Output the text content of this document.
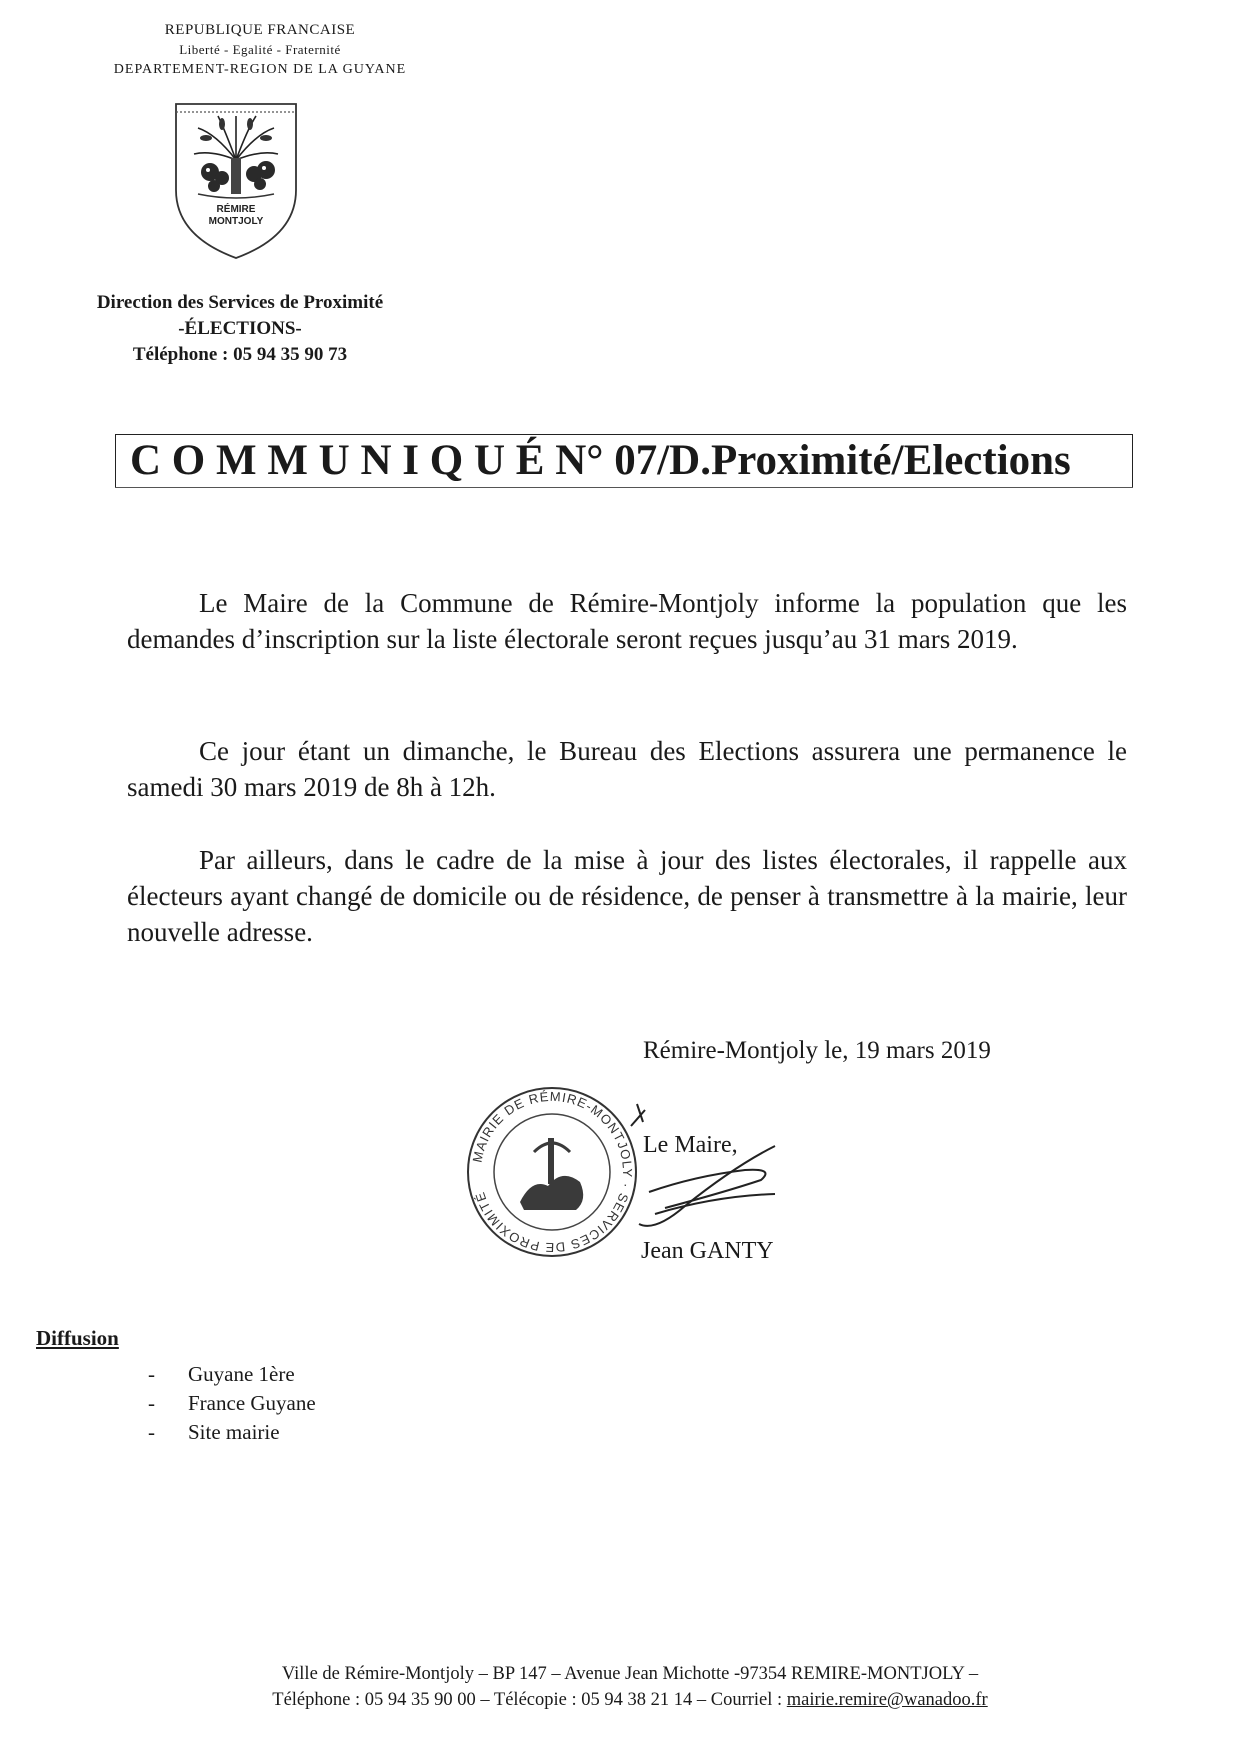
REPUBLIQUE FRANCAISE
Liberté - Egalité - Fraternité
DEPARTEMENT-REGION DE LA GUYANE
RÉMIRE
MONTJOLY
Direction des Services de Proximité
-ÉLECTIONS-
Téléphone : 05 94 35 90 73
C O M M U N I Q U É N° 07/D.Proximité/Elections
Le Maire de la Commune de Rémire-Montjoly informe la population que les demandes d’inscription sur la liste électorale seront reçues jusqu’au 31 mars 2019.
Ce jour étant un dimanche, le Bureau des Elections assurera une permanence le samedi 30 mars 2019 de 8h à 12h.
Par ailleurs, dans le cadre de la mise à jour des listes électorales, il rappelle aux électeurs ayant changé de domicile ou de résidence, de penser à transmettre à la mairie, leur nouvelle adresse.
Rémire-Montjoly le, 19 mars 2019
MAIRIE DE RÉMIRE-MONTJOLY · SERVICES DE PROXIMITÉ
Le Maire,
Jean GANTY
Diffusion
-	Guyane 1ère
-	France Guyane
-	Site mairie
Ville de Rémire-Montjoly – BP 147 – Avenue Jean Michotte -97354 REMIRE-MONTJOLY –
Téléphone : 05 94 35 90 00 – Télécopie : 05 94 38 21 14 – Courriel : mairie.remire@wanadoo.fr
